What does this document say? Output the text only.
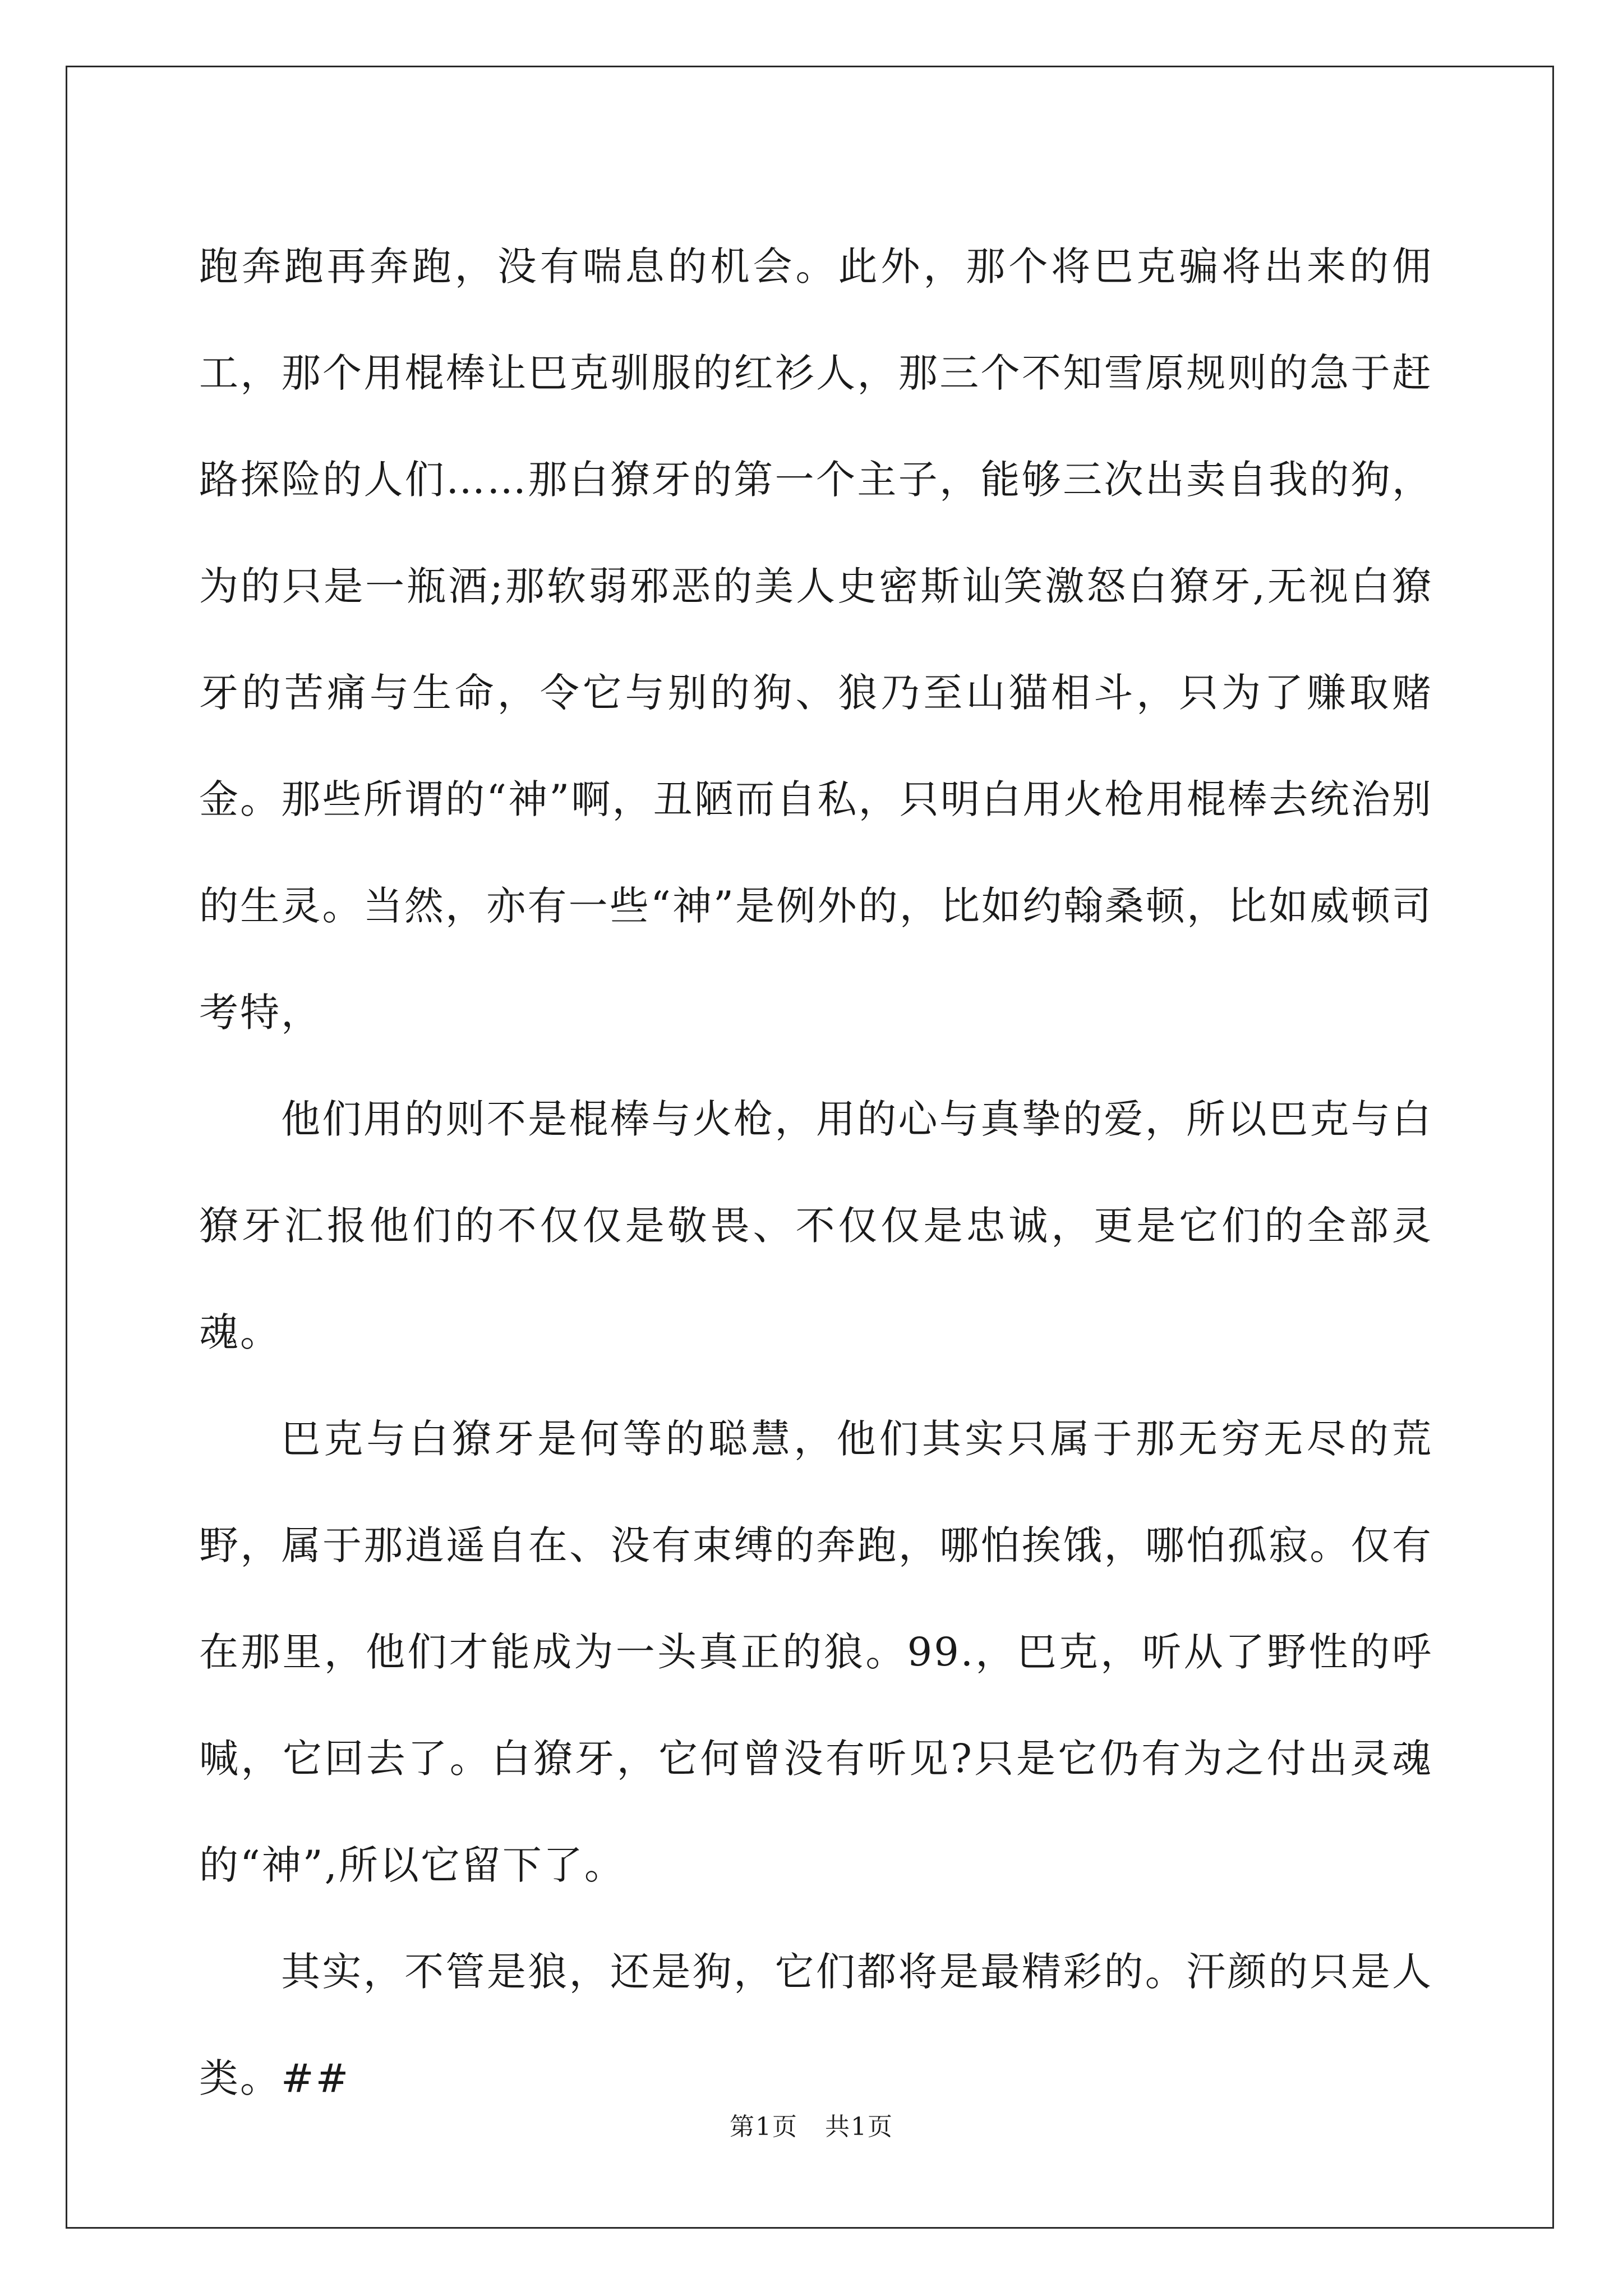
跑奔跑再奔跑，没有喘息的机会。此外，那个将巴克骗将出来的佣工，那个用棍棒让巴克驯服的红衫人，那三个不知雪原规则的急于赶路探险的人们……那白獠牙的第一个主子，能够三次出卖自我的狗，为的只是一瓶酒;那软弱邪恶的美人史密斯讪笑激怒白獠牙,无视白獠牙的苦痛与生命，令它与别的狗、狼乃至山猫相斗，只为了赚取赌金。那些所谓的“神”啊，丑陋而自私，只明白用火枪用棍棒去统治别的生灵。当然，亦有一些“神”是例外的，比如约翰桑顿，比如威顿司考特，

他们用的则不是棍棒与火枪，用的心与真挚的爱，所以巴克与白獠牙汇报他们的不仅仅是敬畏、不仅仅是忠诚，更是它们的全部灵魂。

巴克与白獠牙是何等的聪慧，他们其实只属于那无穷无尽的荒野，属于那逍遥自在、没有束缚的奔跑，哪怕挨饿，哪怕孤寂。仅有在那里，他们才能成为一头真正的狼。99.，巴克，听从了野性的呼喊，它回去了。白獠牙，它何曾没有听见?只是它仍有为之付出灵魂的“神”,所以它留下了。

其实，不管是狼，还是狗，它们都将是最精彩的。汗颜的只是人类。##

第1页 共1页
